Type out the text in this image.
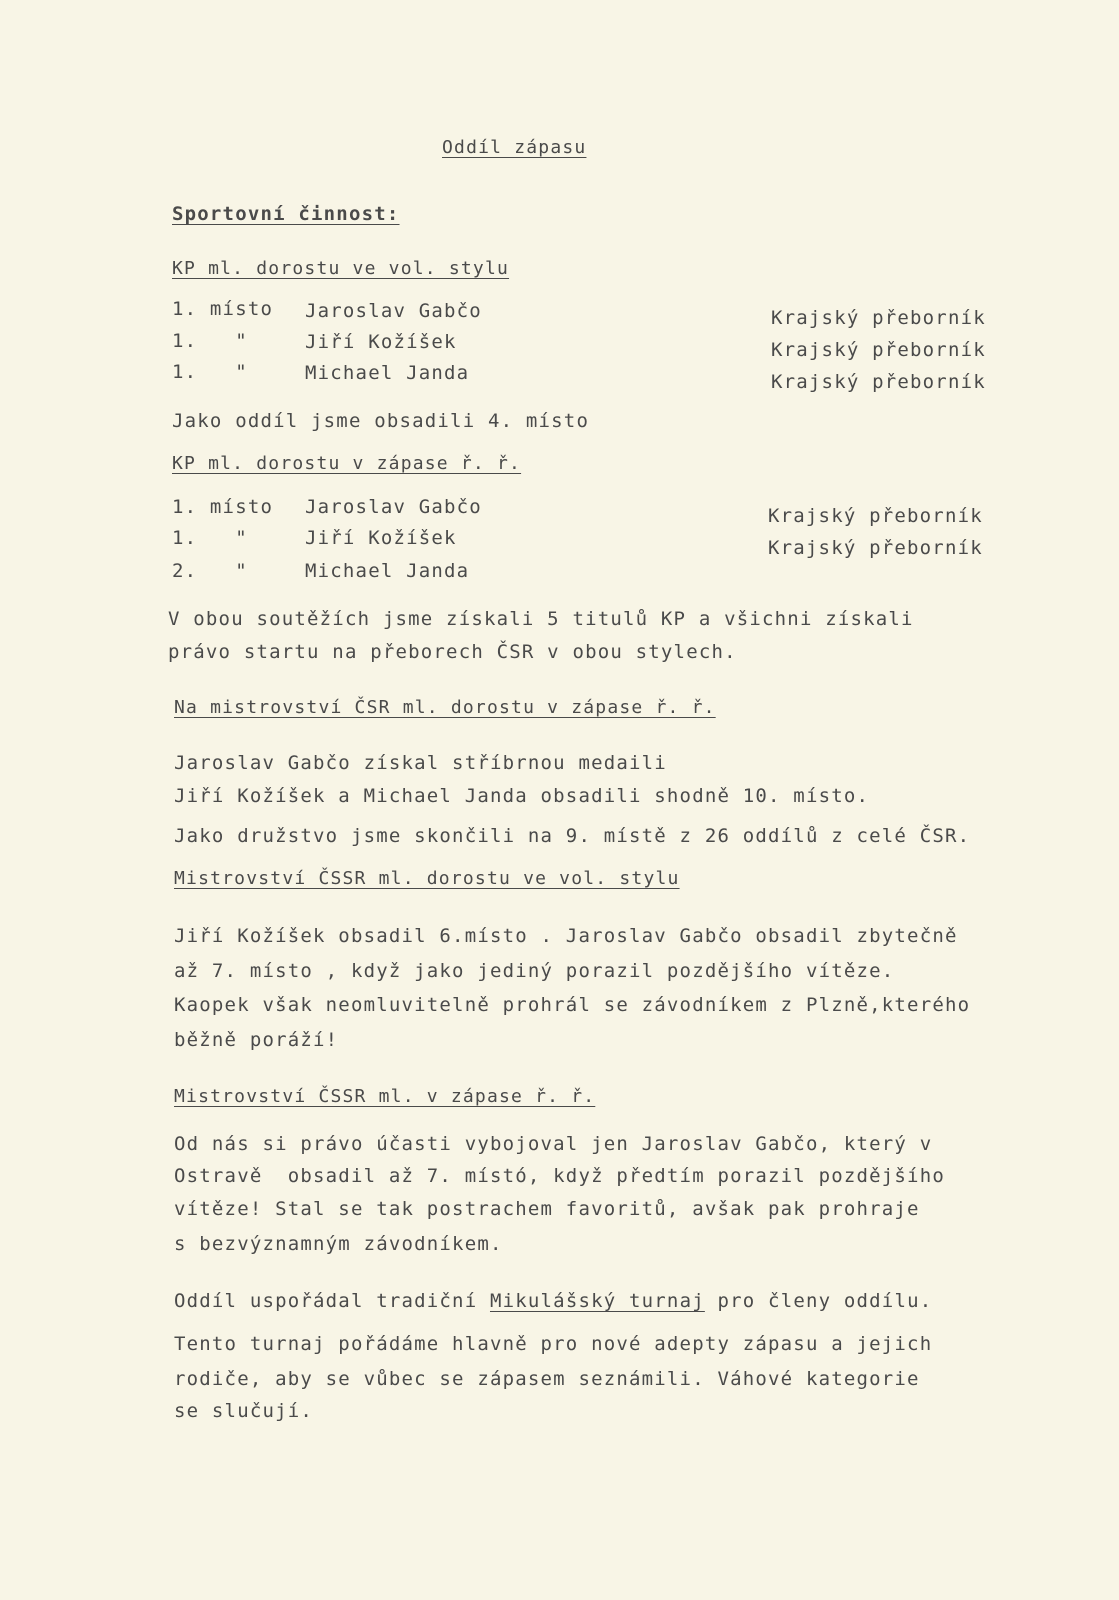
Oddíl zápasu
Sportovní činnost:
KP ml. dorostu ve vol. stylu
1. místo Jaroslav Gabčo	Krajský přeborník
1.   "	Jiří Kožíšek	Krajský přeborník
1.   "	Michael Janda	Krajský přeborník
Jako oddíl jsme obsadili 4. místo
KP ml. dorostu v zápase ř. ř.
1. místo Jaroslav Gabčo	Krajský přeborník
1.   "	Jiří Kožíšek	Krajský přeborník
2.   "	Michael Janda
V obou soutěžích jsme získali 5 titulů KP a všichni získali
právo startu na přeborech ČSR v obou stylech.
Na mistrovství ČSR ml. dorostu v zápase ř. ř.
Jaroslav Gabčo získal stříbrnou medaili
Jiří Kožíšek a Michael Janda obsadili shodně 10. místo.
Jako družstvo jsme skončili na 9. místě z 26 oddílů z celé ČSR.
Mistrovství ČSSR ml. dorostu ve vol. stylu
Jiří Kožíšek obsadil 6.místo . Jaroslav Gabčo obsadil zbytečně
až 7. místo , když jako jediný porazil pozdějšího vítěze.
Kaopek však neomluvitelně prohrál se závodníkem z Plzně,kterého
běžně poráží!
Mistrovství ČSSR ml. v zápase ř. ř.
Od nás si právo účasti vybojoval jen Jaroslav Gabčo, který v
Ostravě  obsadil až 7. místó, když předtím porazil pozdějšího
vítěze! Stal se tak postrachem favoritů, avšak pak prohraje
s bezvýznamným závodníkem.
Oddíl uspořádal tradiční Mikulášský turnaj pro členy oddílu.
Tento turnaj pořádáme hlavně pro nové adepty zápasu a jejich
rodiče, aby se vůbec se zápasem seznámili. Váhové kategorie
se slučují.
